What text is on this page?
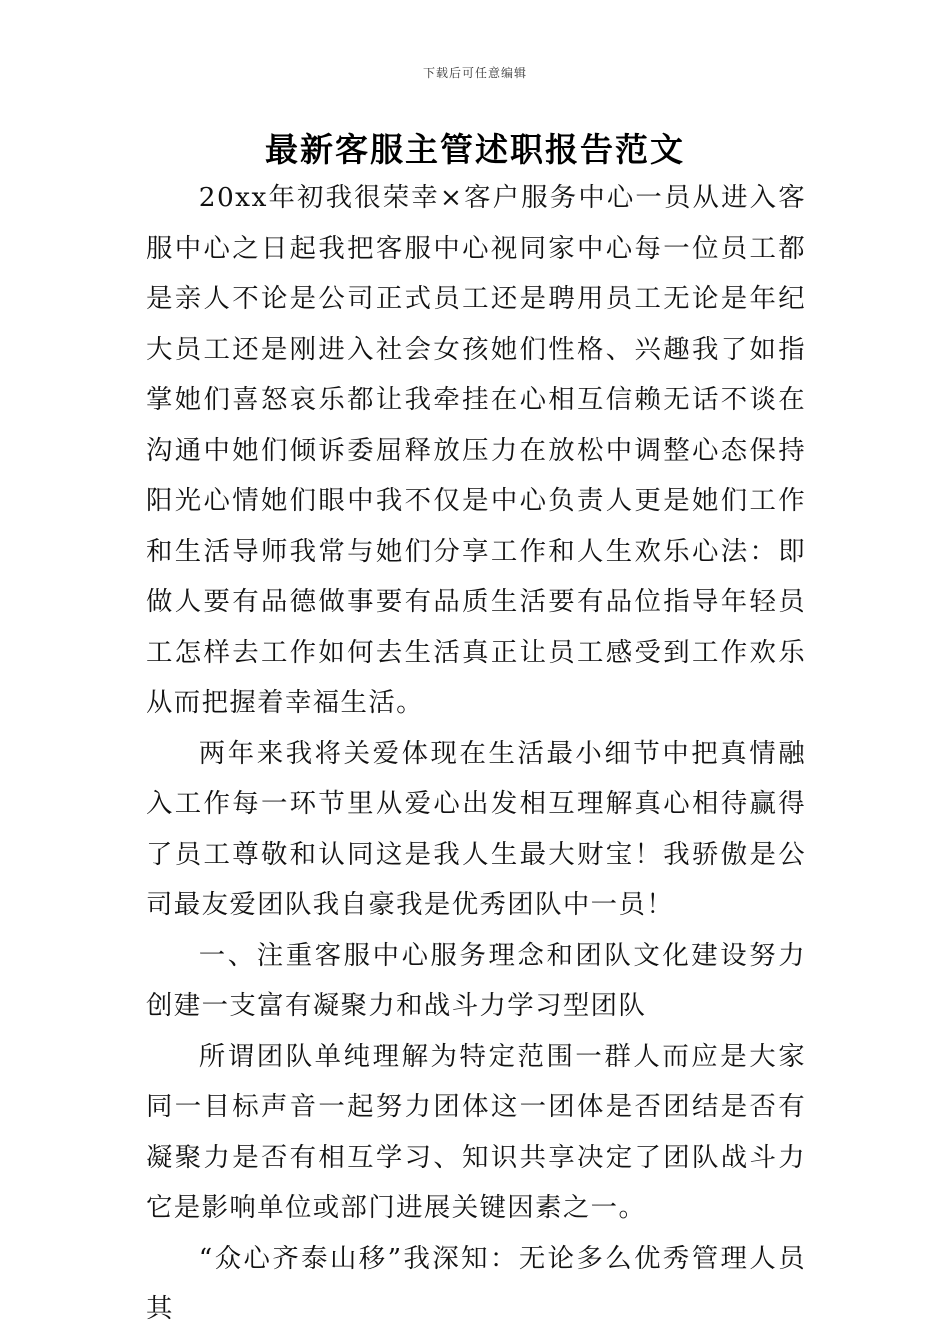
下载后可任意编辑
最新客服主管述职报告范文

20xx年初我很荣幸×客户服务中心一员从进入客服中心之日起我把客服中心视同家中心每一位员工都是亲人不论是公司正式员工还是聘用员工无论是年纪大员工还是刚进入社会女孩她们性格、兴趣我了如指掌她们喜怒哀乐都让我牵挂在心相互信赖无话不谈在沟通中她们倾诉委屈释放压力在放松中调整心态保持阳光心情她们眼中我不仅是中心负责人更是她们工作和生活导师我常与她们分享工作和人生欢乐心法：即做人要有品德做事要有品质生活要有品位指导年轻员工怎样去工作如何去生活真正让员工感受到工作欢乐从而把握着幸福生活。

两年来我将关爱体现在生活最小细节中把真情融入工作每一环节里从爱心出发相互理解真心相待赢得了员工尊敬和认同这是我人生最大财宝！我骄傲是公司最友爱团队我自豪我是优秀团队中一员！

一、注重客服中心服务理念和团队文化建设努力创建一支富有凝聚力和战斗力学习型团队

所谓团队单纯理解为特定范围一群人而应是大家同一目标声音一起努力团体这一团体是否团结是否有凝聚力是否有相互学习、知识共享决定了团队战斗力它是影响单位或部门进展关键因素之一。

“众心齐泰山移”我深知：无论多么优秀管理人员其
